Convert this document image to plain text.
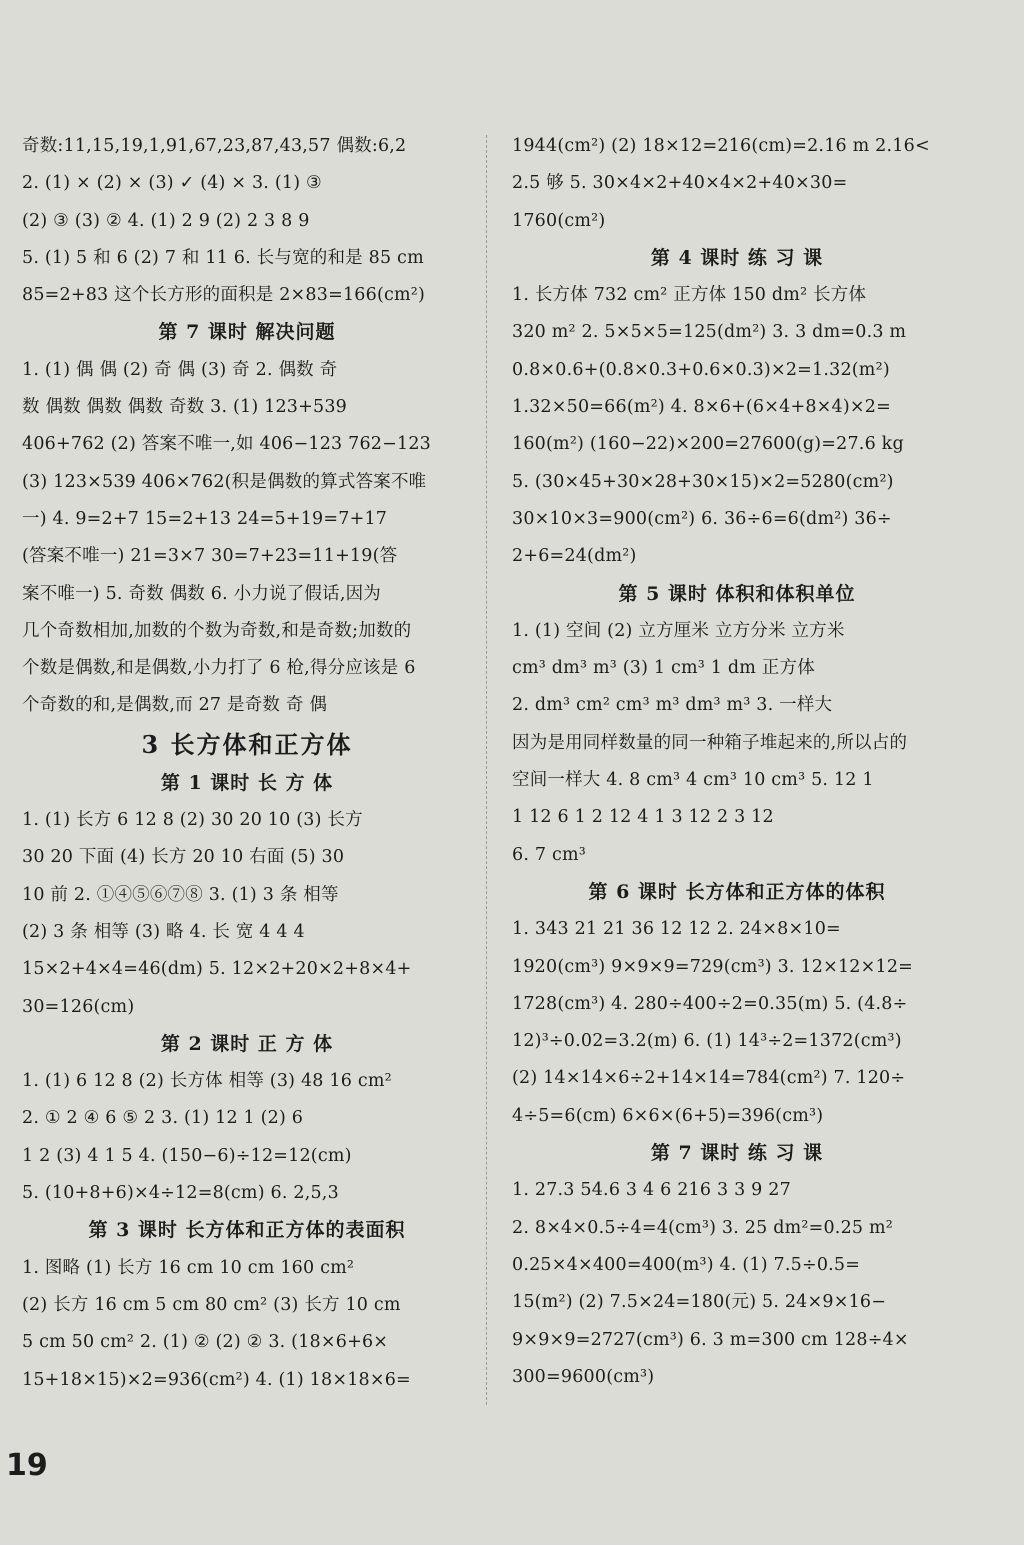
奇数:11,15,19,1,91,67,23,87,43,57 偶数:6,2
2. (1) × (2) × (3) ✓ (4) × 3. (1) ③
(2) ③ (3) ② 4. (1) 2 9 (2) 2 3 8 9
5. (1) 5 和 6 (2) 7 和 11 6. 长与宽的和是 85 cm
85=2+83 这个长方形的面积是 2×83=166(cm²)
第 7 课时 解决问题
1. (1) 偶 偶 (2) 奇 偶 (3) 奇 2. 偶数 奇
数 偶数 偶数 偶数 奇数 3. (1) 123+539
406+762 (2) 答案不唯一,如 406−123 762−123
(3) 123×539 406×762(积是偶数的算式答案不唯
一) 4. 9=2+7 15=2+13 24=5+19=7+17
(答案不唯一) 21=3×7 30=7+23=11+19(答
案不唯一) 5. 奇数 偶数 6. 小力说了假话,因为
几个奇数相加,加数的个数为奇数,和是奇数;加数的
个数是偶数,和是偶数,小力打了 6 枪,得分应该是 6
个奇数的和,是偶数,而 27 是奇数 奇 偶
3 长方体和正方体
第 1 课时 长 方 体
1. (1) 长方 6 12 8 (2) 30 20 10 (3) 长方
30 20 下面 (4) 长方 20 10 右面 (5) 30
10 前 2. ①④⑤⑥⑦⑧ 3. (1) 3 条 相等
(2) 3 条 相等 (3) 略 4. 长 宽 4 4 4
15×2+4×4=46(dm) 5. 12×2+20×2+8×4+
30=126(cm)
第 2 课时 正 方 体
1. (1) 6 12 8 (2) 长方体 相等 (3) 48 16 cm²
2. ① 2 ④ 6 ⑤ 2 3. (1) 12 1 (2) 6
1 2 (3) 4 1 5 4. (150−6)÷12=12(cm)
5. (10+8+6)×4÷12=8(cm) 6. 2,5,3
第 3 课时 长方体和正方体的表面积
1. 图略 (1) 长方 16 cm 10 cm 160 cm²
(2) 长方 16 cm 5 cm 80 cm² (3) 长方 10 cm
5 cm 50 cm² 2. (1) ② (2) ② 3. (18×6+6×
15+18×15)×2=936(cm²) 4. (1) 18×18×6=
1944(cm²) (2) 18×12=216(cm)=2.16 m 2.16<
2.5 够 5. 30×4×2+40×4×2+40×30=
1760(cm²)
第 4 课时 练 习 课
1. 长方体 732 cm² 正方体 150 dm² 长方体
320 m² 2. 5×5×5=125(dm²) 3. 3 dm=0.3 m
0.8×0.6+(0.8×0.3+0.6×0.3)×2=1.32(m²)
1.32×50=66(m²) 4. 8×6+(6×4+8×4)×2=
160(m²) (160−22)×200=27600(g)=27.6 kg
5. (30×45+30×28+30×15)×2=5280(cm²)
30×10×3=900(cm²) 6. 36÷6=6(dm²) 36÷
2+6=24(dm²)
第 5 课时 体积和体积单位
1. (1) 空间 (2) 立方厘米 立方分米 立方米
cm³ dm³ m³ (3) 1 cm³ 1 dm 正方体
2. dm³ cm² cm³ m³ dm³ m³ 3. 一样大
因为是用同样数量的同一种箱子堆起来的,所以占的
空间一样大 4. 8 cm³ 4 cm³ 10 cm³ 5. 12 1
1 12 6 1 2 12 4 1 3 12 2 3 12
6. 7 cm³
第 6 课时 长方体和正方体的体积
1. 343 21 21 36 12 12 2. 24×8×10=
1920(cm³) 9×9×9=729(cm³) 3. 12×12×12=
1728(cm³) 4. 280÷400÷2=0.35(m) 5. (4.8÷
12)³÷0.02=3.2(m) 6. (1) 14³÷2=1372(cm³)
(2) 14×14×6÷2+14×14=784(cm²) 7. 120÷
4÷5=6(cm) 6×6×(6+5)=396(cm³)
第 7 课时 练 习 课
1. 27.3 54.6 3 4 6 216 3 3 9 27
2. 8×4×0.5÷4=4(cm³) 3. 25 dm²=0.25 m²
0.25×4×400=400(m³) 4. (1) 7.5÷0.5=
15(m²) (2) 7.5×24=180(元) 5. 24×9×16−
9×9×9=2727(cm³) 6. 3 m=300 cm 128÷4×
300=9600(cm³)
19
